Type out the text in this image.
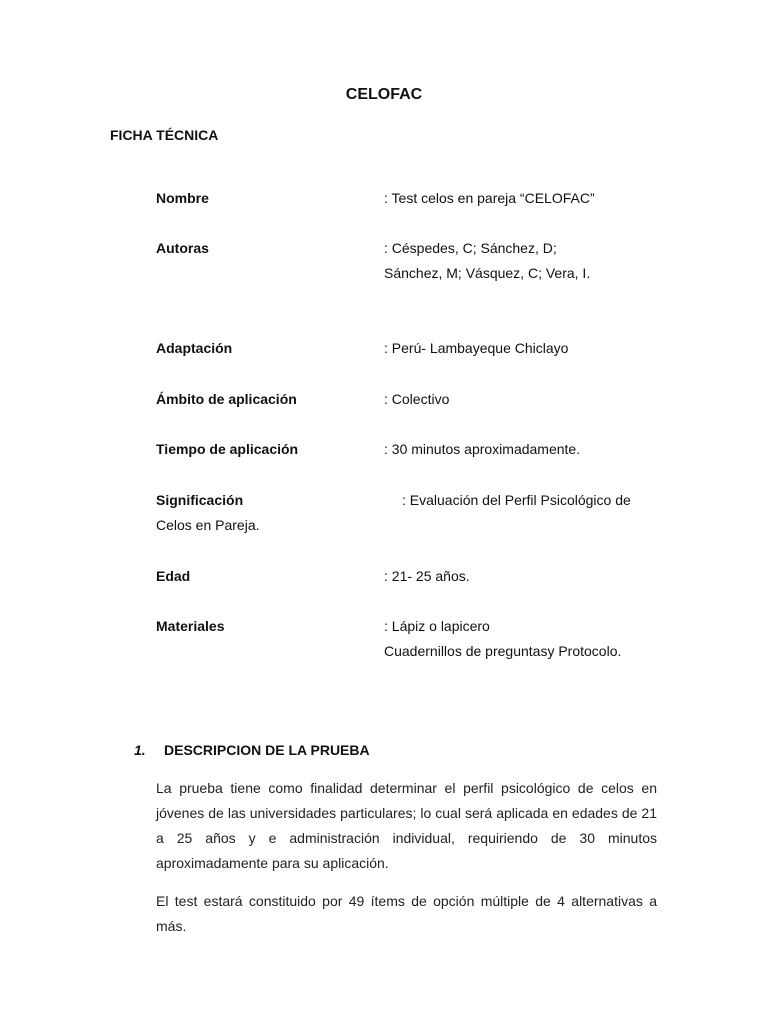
CELOFAC
FICHA TÉCNICA
Nombre	: Test celos en pareja “CELOFAC”
Autoras	: Céspedes, C; Sánchez, D;
Sánchez, M; Vásquez, C; Vera, I.
Adaptación	: Perú- Lambayeque Chiclayo
Ámbito de aplicación	: Colectivo
Tiempo de aplicación	: 30 minutos aproximadamente.
Significación	: Evaluación del Perfil Psicológico de
Celos en Pareja.
Edad	: 21- 25 años.
Materiales	: Lápiz o lapicero
Cuadernillos de preguntasy Protocolo.
1. DESCRIPCION DE LA PRUEBA
La prueba tiene como finalidad determinar el perfil psicológico de celos en jóvenes de las universidades particulares; lo cual será aplicada en edades de 21 a 25 años y e administración individual, requiriendo de 30 minutos aproximadamente para su aplicación.
El test estará constituido por 49 ítems de opción múltiple de 4 alternativas a más.
